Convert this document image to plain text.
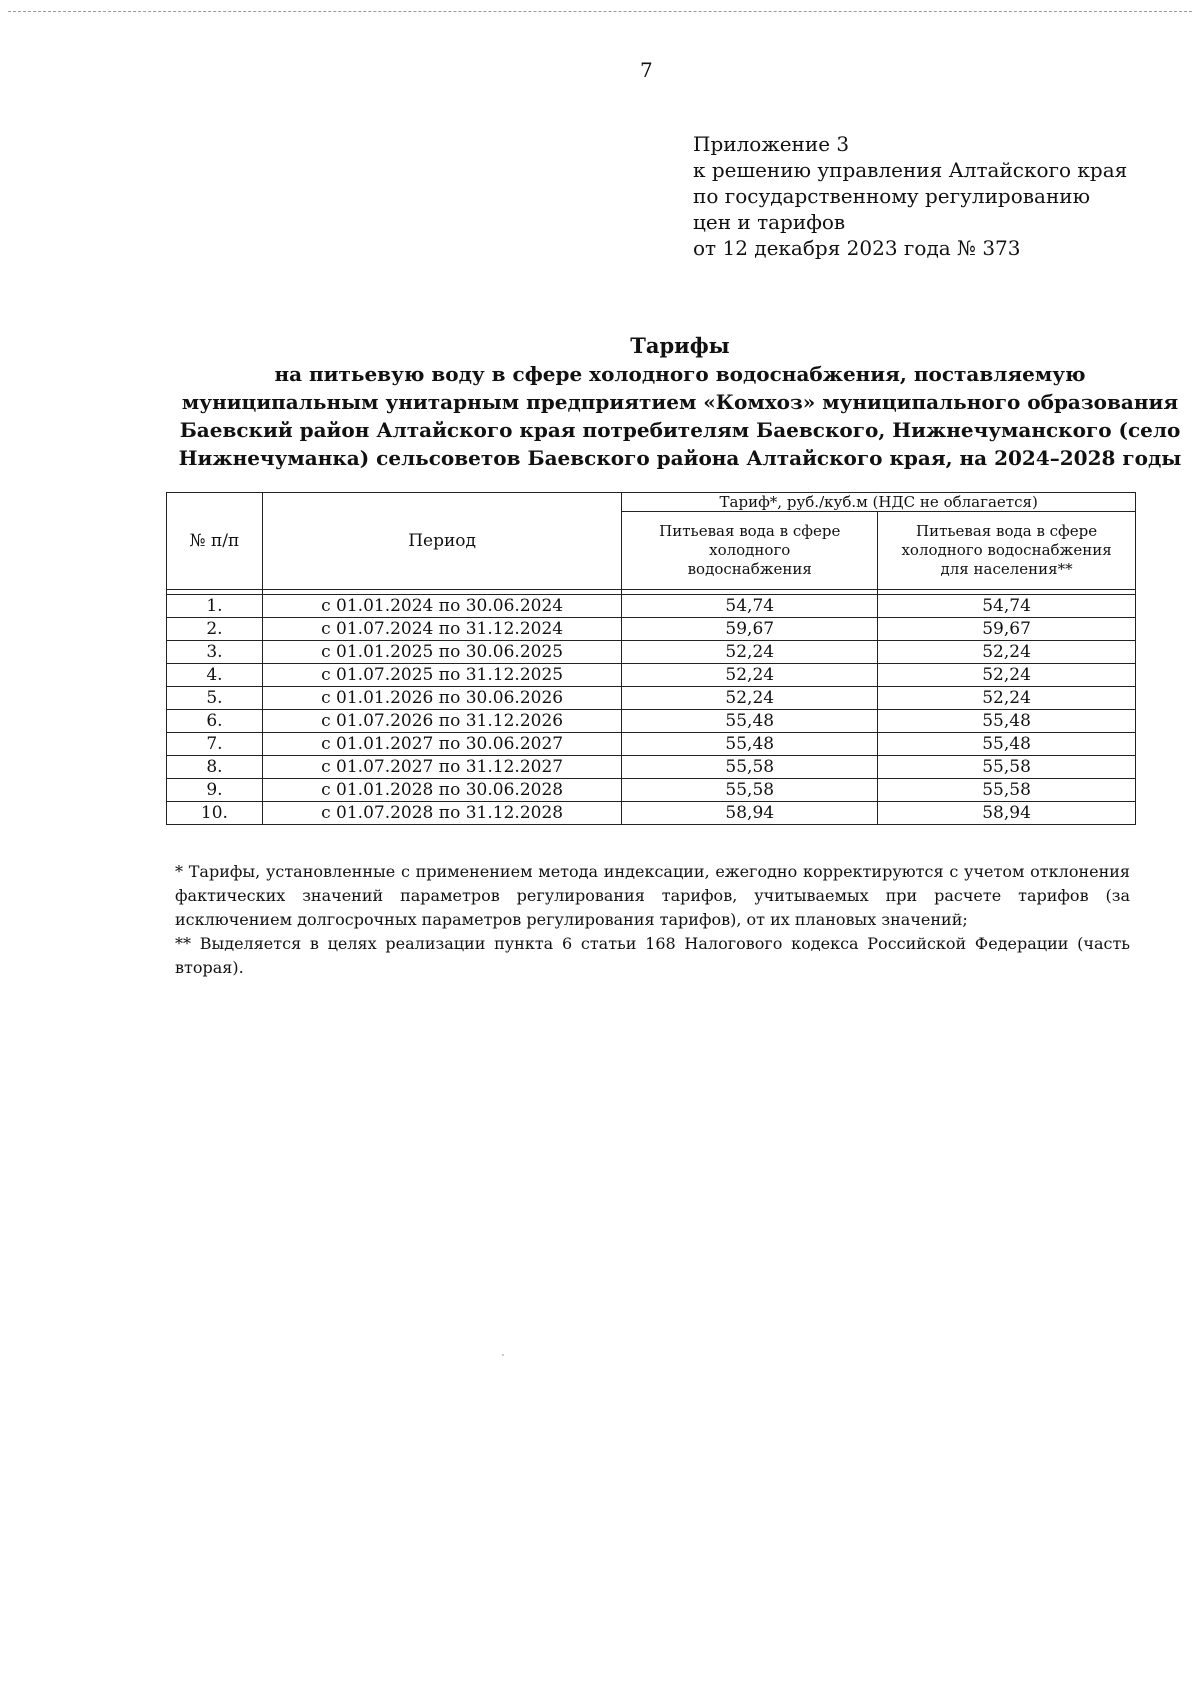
7
Приложение 3
к решению управления Алтайского края
по государственному регулированию
цен и тарифов
от 12 декабря 2023 года № 373
Тарифы
на питьевую воду в сфере холодного водоснабжения, поставляемую
муниципальным унитарным предприятием «Комхоз» муниципального образования
Баевский район Алтайского края потребителям Баевского, Нижнечуманского (село
Нижнечуманка) сельсоветов Баевского района Алтайского края, на 2024–2028 годы
№ п/п	Период	Тариф*, руб./куб.м (НДС не облагается)	
		Питьевая вода в сфере холодного водоснабжения	Питьевая вода в сфере холодного водоснабжения для населения**

1.	с 01.01.2024 по 30.06.2024	54,74	54,74
2.	с 01.07.2024 по 31.12.2024	59,67	59,67
3.	с 01.01.2025 по 30.06.2025	52,24	52,24
4.	с 01.07.2025 по 31.12.2025	52,24	52,24
5.	с 01.01.2026 по 30.06.2026	52,24	52,24
6.	с 01.07.2026 по 31.12.2026	55,48	55,48
7.	с 01.01.2027 по 30.06.2027	55,48	55,48
8.	с 01.07.2027 по 31.12.2027	55,58	55,58
9.	с 01.01.2028 по 30.06.2028	55,58	55,58
10.	с 01.07.2028 по 31.12.2028	58,94	58,94

* Тарифы, установленные с применением метода индексации, ежегодно корректируются с учетом отклонения фактических значений параметров регулирования тарифов, учитываемых при расчете тарифов (за исключением долгосрочных параметров регулирования тарифов), от их плановых значений;

** Выделяется в целях реализации пункта 6 статьи 168 Налогового кодекса Российской Федерации (часть вторая).
